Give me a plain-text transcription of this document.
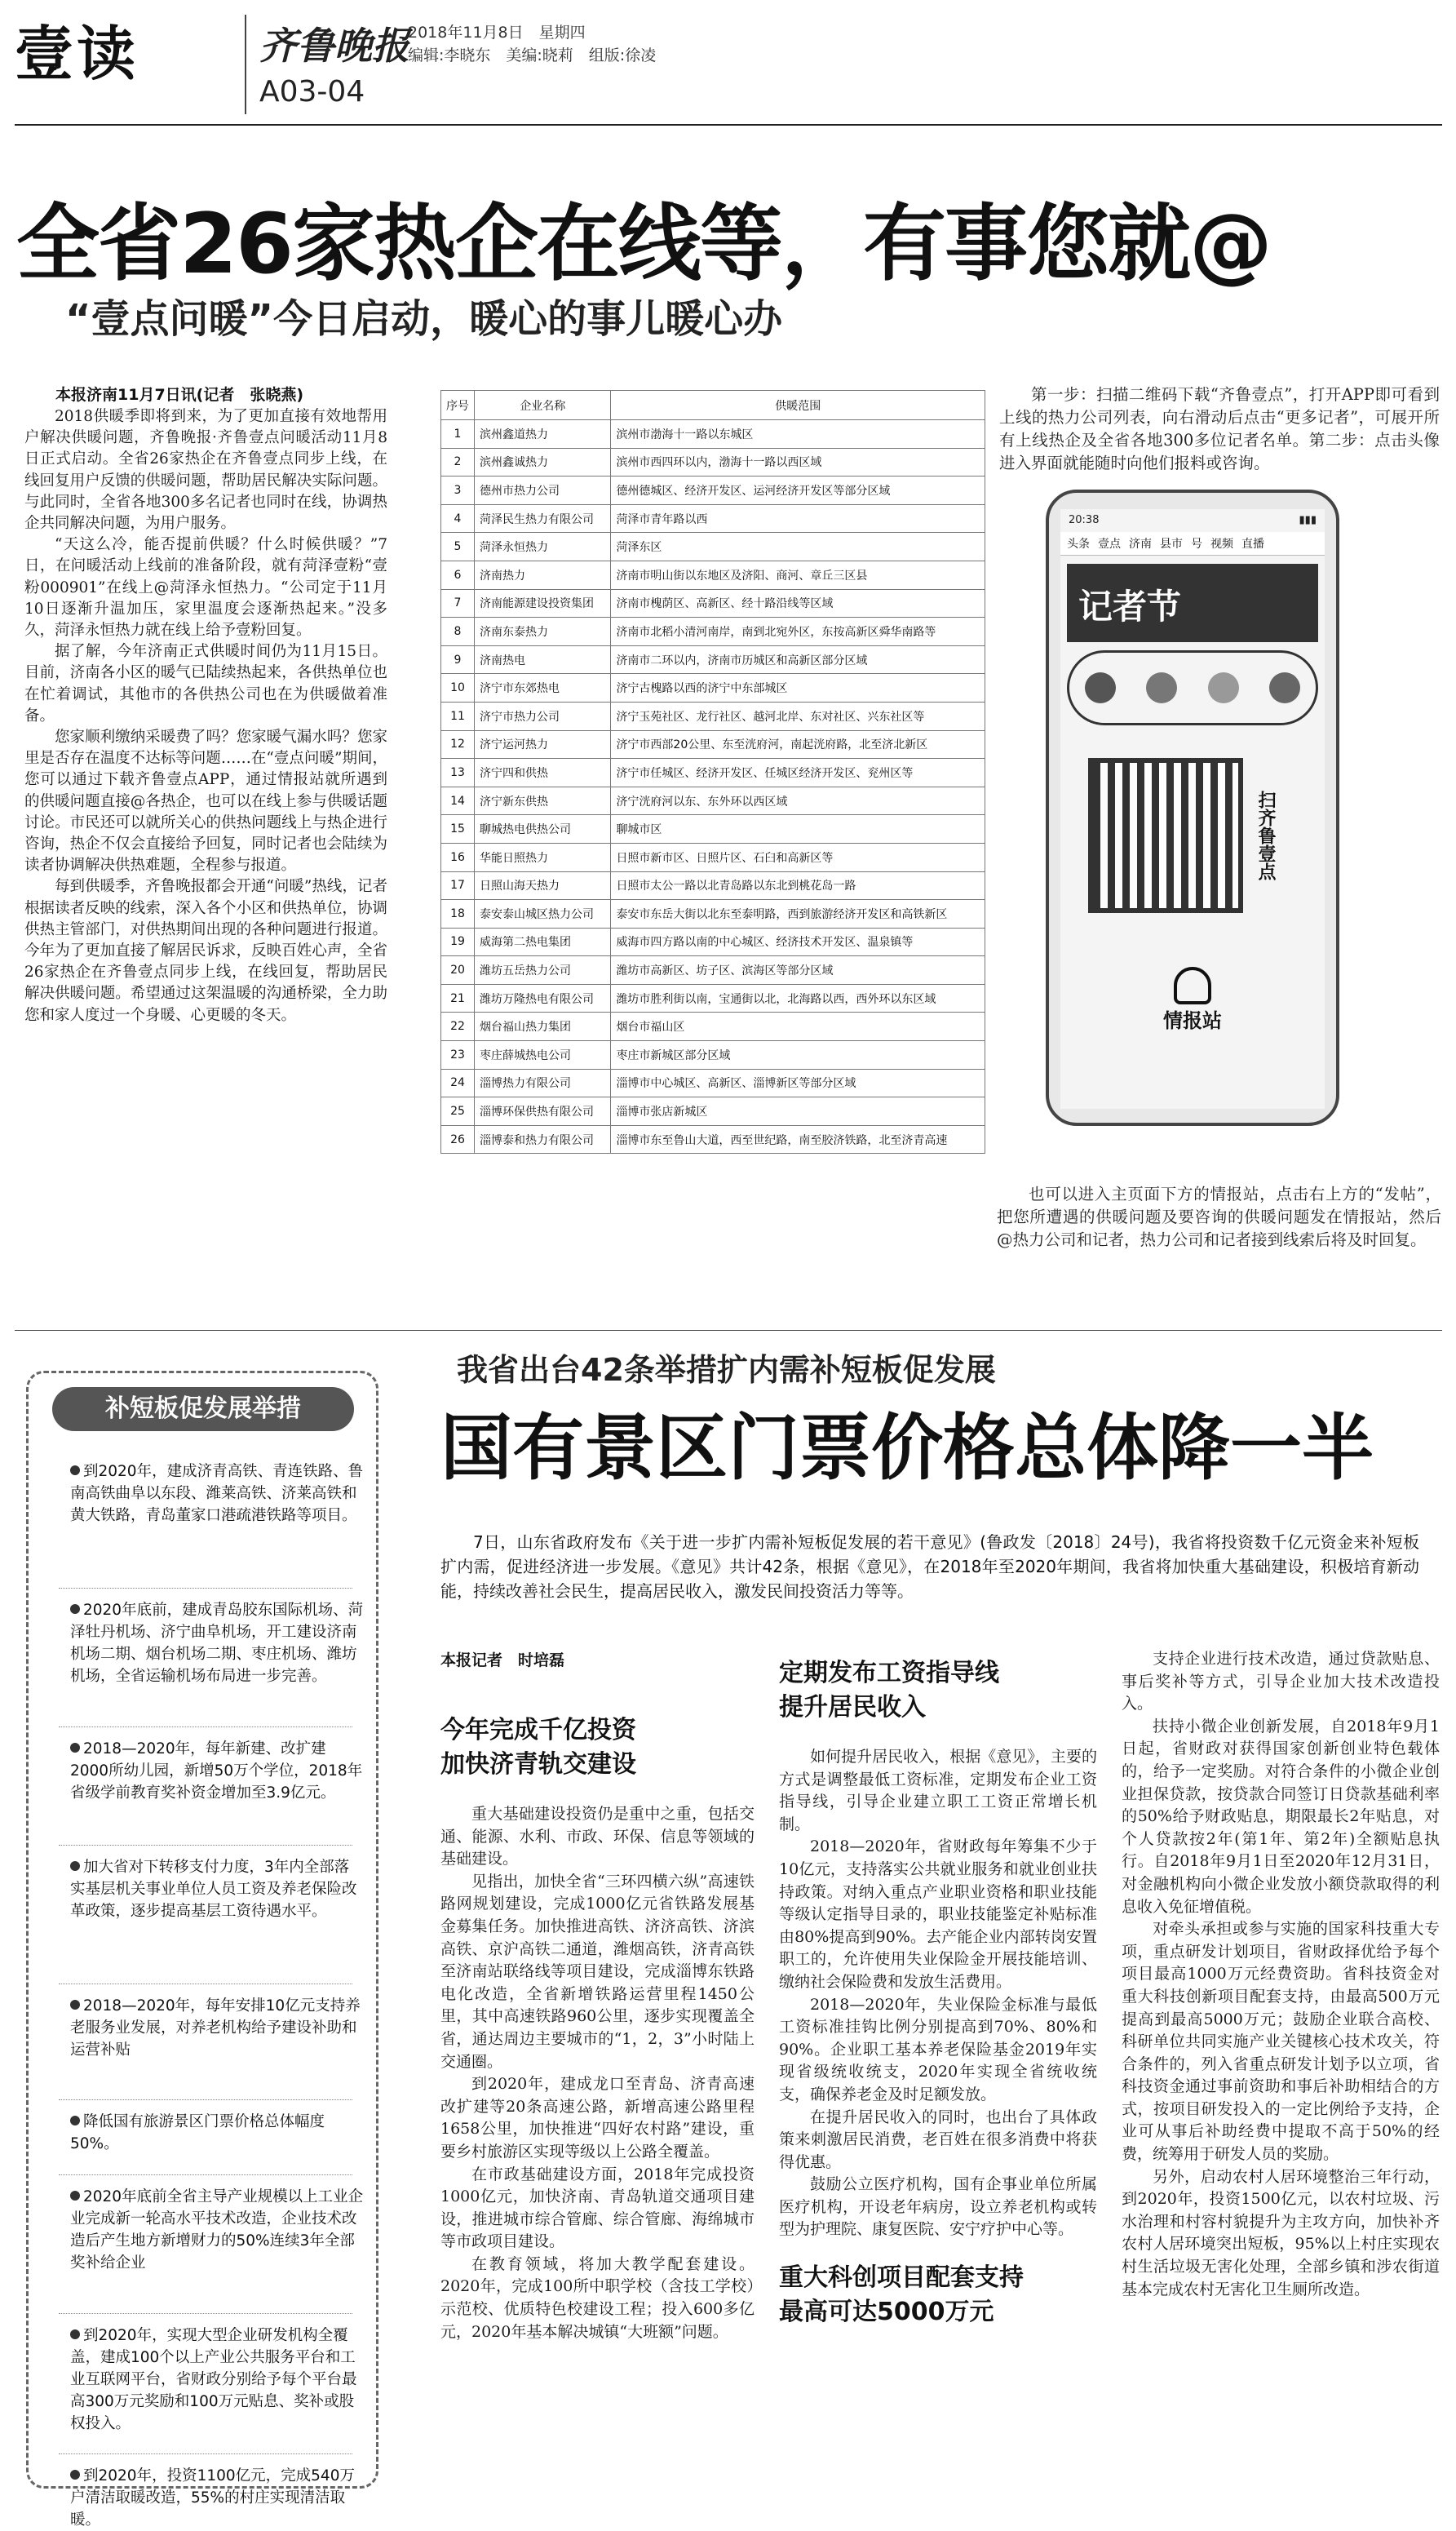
壹读	齐鲁晚报
A03-04
2018年11月8日　星期四
编辑:李晓东　美编:晓莉　组版:徐凌
全省26家热企在线等，有事您就@
“壹点问暖”今日启动，暖心的事儿暖心办
本报济南11月7日讯(记者　张晓燕)

2018供暖季即将到来，为了更加直接有效地帮用户解决供暖问题，齐鲁晚报·齐鲁壹点问暖活动11月8日正式启动。全省26家热企在齐鲁壹点同步上线，在线回复用户反馈的供暖问题，帮助居民解决实际问题。与此同时，全省各地300多名记者也同时在线，协调热企共同解决问题，为用户服务。

“天这么冷，能否提前供暖？什么时候供暖？”7日，在问暖活动上线前的准备阶段，就有菏泽壹粉“壹粉000901”在线上@菏泽永恒热力。“公司定于11月10日逐渐升温加压，家里温度会逐渐热起来。”没多久，菏泽永恒热力就在线上给予壹粉回复。

据了解，今年济南正式供暖时间仍为11月15日。目前，济南各小区的暖气已陆续热起来，各供热单位也在忙着调试，其他市的各供热公司也在为供暖做着准备。

您家顺利缴纳采暖费了吗？您家暖气漏水吗？您家里是否存在温度不达标等问题……在“壹点问暖”期间，您可以通过下载齐鲁壹点APP，通过情报站就所遇到的供暖问题直接@各热企，也可以在线上参与供暖话题讨论。市民还可以就所关心的供热问题线上与热企进行咨询，热企不仅会直接给予回复，同时记者也会陆续为读者协调解决供热难题，全程参与报道。

每到供暖季，齐鲁晚报都会开通“问暖”热线，记者根据读者反映的线索，深入各个小区和供热单位，协调供热主管部门，对供热期间出现的各种问题进行报道。今年为了更加直接了解居民诉求，反映百姓心声，全省26家热企在齐鲁壹点同步上线，在线回复，帮助居民解决供暖问题。希望通过这架温暖的沟通桥梁，全力助您和家人度过一个身暖、心更暖的冬天。

序号	企业名称	供暖范围
1	滨州鑫道热力	滨州市渤海十一路以东城区
2	滨州鑫诚热力	滨州市西四环以内，渤海十一路以西区域
3	德州市热力公司	德州德城区、经济开发区、运河经济开发区等部分区域
4	菏泽民生热力有限公司	菏泽市青年路以西
5	菏泽永恒热力	菏泽东区
6	济南热力	济南市明山街以东地区及济阳、商河、章丘三区县
7	济南能源建设投资集团	济南市槐荫区、高新区、经十路沿线等区域
8	济南东泰热力	济南市北稻小清河南岸，南到北宛外区，东按高新区舜华南路等
9	济南热电	济南市二环以内，济南市历城区和高新区部分区域
10	济宁市东郊热电	济宁古槐路以西的济宁中东部城区
11	济宁市热力公司	济宁玉苑社区、龙行社区、越河北岸、东对社区、兴东社区等
12	济宁运河热力	济宁市西部20公里、东至洸府河，南起洸府路，北至济北新区
13	济宁四和供热	济宁市任城区、经济开发区、任城区经济开发区、兖州区等
14	济宁新东供热	济宁洸府河以东、东外环以西区域
15	聊城热电供热公司	聊城市区
16	华能日照热力	日照市新市区、日照片区、石臼和高新区等
17	日照山海天热力	日照市太公一路以北青岛路以东北到桃花岛一路
18	泰安泰山城区热力公司	泰安市东岳大街以北东至泰明路，西到旅游经济开发区和高铁新区
19	威海第二热电集团	威海市四方路以南的中心城区、经济技术开发区、温泉镇等
20	潍坊五岳热力公司	潍坊市高新区、坊子区、滨海区等部分区域
21	潍坊万隆热电有限公司	潍坊市胜利街以南，宝通街以北，北海路以西，西外环以东区域
22	烟台福山热力集团	烟台市福山区
23	枣庄薛城热电公司	枣庄市新城区部分区域
24	淄博热力有限公司	淄博市中心城区、高新区、淄博新区等部分区域
25	淄博环保供热有限公司	淄博市张店新城区
26	淄博泰和热力有限公司	淄博市东至鲁山大道，西至世纪路，南至胶济铁路，北至济青高速
第一步：扫描二维码下载“齐鲁壹点”，打开APP即可看到上线的热力公司列表，向右滑动后点击“更多记者”，可展开所有上线热企及全省各地300多位记者名单。第二步：点击头像进入界面就能随时向他们报料或咨询。
20:38	▮▮▮
头条 壹点 济南 县市 号 视频 直播
记者节
扫齐鲁壹点
情报站
也可以进入主页面下方的情报站，点击右上方的“发帖”，把您所遭遇的供暖问题及要咨询的供暖问题发在情报站，然后@热力公司和记者，热力公司和记者接到线索后将及时回复。
补短板促发展举措
到2020年，建成济青高铁、青连铁路、鲁南高铁曲阜以东段、潍莱高铁、济莱高铁和黄大铁路，青岛董家口港疏港铁路等项目。
2020年底前，建成青岛胶东国际机场、菏泽牡丹机场、济宁曲阜机场，开工建设济南机场二期、烟台机场二期、枣庄机场、潍坊机场，全省运输机场布局进一步完善。
2018—2020年，每年新建、改扩建2000所幼儿园，新增50万个学位，2018年省级学前教育奖补资金增加至3.9亿元。
加大省对下转移支付力度，3年内全部落实基层机关事业单位人员工资及养老保险改革政策，逐步提高基层工资待遇水平。
2018—2020年，每年安排10亿元支持养老服务业发展，对养老机构给予建设补助和运营补贴
降低国有旅游景区门票价格总体幅度50%。
2020年底前全省主导产业规模以上工业企业完成新一轮高水平技术改造，企业技术改造后产生地方新增财力的50%连续3年全部奖补给企业
到2020年，实现大型企业研发机构全覆盖，建成100个以上产业公共服务平台和工业互联网平台，省财政分别给予每个平台最高300万元奖励和100万元贴息、奖补或股权投入。
到2020年，投资1100亿元，完成540万户清洁取暖改造，55%的村庄实现清洁取暖。
我省出台42条举措扩内需补短板促发展
国有景区门票价格总体降一半
7日，山东省政府发布《关于进一步扩内需补短板促发展的若干意见》(鲁政发〔2018〕24号)，我省将投资数千亿元资金来补短板扩内需，促进经济进一步发展。《意见》共计42条，根据《意见》，在2018年至2020年期间，我省将加快重大基础建设，积极培育新动能，持续改善社会民生，提高居民收入，激发民间投资活力等等。
本报记者　时培磊
今年完成千亿投资
加快济青轨交建设

重大基础建设投资仍是重中之重，包括交通、能源、水利、市政、环保、信息等领域的基础建设。

见指出，加快全省“三环四横六纵”高速铁路网规划建设，完成1000亿元省铁路发展基金募集任务。加快推进高铁、济济高铁、济滨高铁、京沪高铁二通道，潍烟高铁，济青高铁至济南站联络线等项目建设，完成淄博东铁路电化改造，全省新增铁路运营里程1450公里，其中高速铁路960公里，逐步实现覆盖全省，通达周边主要城市的“1，2，3”小时陆上交通圈。

到2020年，建成龙口至青岛、济青高速改扩建等20条高速公路，新增高速公路里程1658公里，加快推进“四好农村路”建设，重要乡村旅游区实现等级以上公路全覆盖。

在市政基础建设方面，2018年完成投资1000亿元，加快济南、青岛轨道交通项目建设，推进城市综合管廊、综合管廊、海绵城市等市政项目建设。

在教育领域，将加大教学配套建设。2020年，完成100所中职学校（含技工学校）示范校、优质特色校建设工程；投入600多亿元，2020年基本解决城镇“大班额”问题。

定期发布工资指导线
提升居民收入

如何提升居民收入，根据《意见》，主要的方式是调整最低工资标准，定期发布企业工资指导线，引导企业建立职工工资正常增长机制。

2018—2020年，省财政每年筹集不少于10亿元，支持落实公共就业服务和就业创业扶持政策。对纳入重点产业职业资格和职业技能等级认定指导目录的，职业技能鉴定补贴标准由80%提高到90%。去产能企业内部转岗安置职工的，允许使用失业保险金开展技能培训、缴纳社会保险费和发放生活费用。

2018—2020年，失业保险金标准与最低工资标准挂钩比例分别提高到70%、80%和90%。企业职工基本养老保险基金2019年实现省级统收统支，2020年实现全省统收统支，确保养老金及时足额发放。

在提升居民收入的同时，也出台了具体政策来刺激居民消费，老百姓在很多消费中将获得优惠。

鼓励公立医疗机构，国有企事业单位所属医疗机构，开设老年病房，设立养老机构或转型为护理院、康复医院、安宁疗护中心等。

重大科创项目配套支持
最高可达5000万元

支持企业进行技术改造，通过贷款贴息、事后奖补等方式，引导企业加大技术改造投入。

扶持小微企业创新发展，自2018年9月1日起，省财政对获得国家创新创业特色载体的，给予一定奖励。对符合条件的小微企业创业担保贷款，按贷款合同签订日贷款基础利率的50%给予财政贴息，期限最长2年贴息，对个人贷款按2年(第1年、第2年)全额贴息执行。自2018年9月1日至2020年12月31日，对金融机构向小微企业发放小额贷款取得的利息收入免征增值税。

对牵头承担或参与实施的国家科技重大专项，重点研发计划项目，省财政择优给予每个项目最高1000万元经费资助。省科技资金对重大科技创新项目配套支持，由最高500万元提高到最高5000万元；鼓励企业联合高校、科研单位共同实施产业关键核心技术攻关，符合条件的，列入省重点研发计划予以立项，省科技资金通过事前资助和事后补助相结合的方式，按项目研发投入的一定比例给予支持，企业可从事后补助经费中提取不高于50%的经费，统筹用于研发人员的奖励。

另外，启动农村人居环境整治三年行动，到2020年，投资1500亿元，以农村垃圾、污水治理和村容村貌提升为主攻方向，加快补齐农村人居环境突出短板，95%以上村庄实现农村生活垃圾无害化处理，全部乡镇和涉农街道基本完成农村无害化卫生厕所改造。
